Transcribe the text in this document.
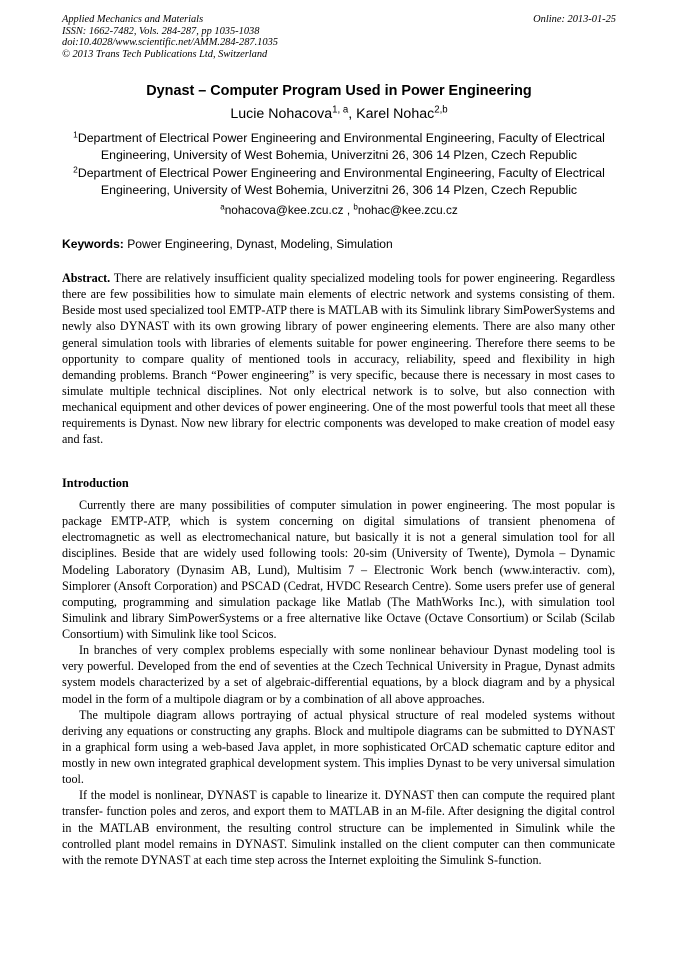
Applied Mechanics and Materials
ISSN: 1662-7482, Vols. 284-287, pp 1035-1038
doi:10.4028/www.scientific.net/AMM.284-287.1035
© 2013 Trans Tech Publications Ltd, Switzerland
Online: 2013-01-25
Dynast – Computer Program Used in Power Engineering
Lucie Nohacova$^{1, a}$, Karel Nohac$^{2,b}$
$^1$Department of Electrical Power Engineering and Environmental Engineering, Faculty of Electrical Engineering, University of West Bohemia, Univerzitni 26, 306 14 Plzen, Czech Republic
$^2$Department of Electrical Power Engineering and Environmental Engineering, Faculty of Electrical Engineering, University of West Bohemia, Univerzitni 26, 306 14 Plzen, Czech Republic
$^a$nohacova@kee.zcu.cz , $^b$nohac@kee.zcu.cz
Keywords: Power Engineering, Dynast, Modeling, Simulation
Abstract. There are relatively insufficient quality specialized modeling tools for power engineering. Regardless there are few possibilities how to simulate main elements of electric network and systems consisting of them. Beside most used specialized tool EMTP-ATP there is MATLAB with its Simulink library SimPowerSystems and newly also DYNAST with its own growing library of power engineering elements. There are also many other general simulation tools with libraries of elements suitable for power engineering. Therefore there seems to be opportunity to compare quality of mentioned tools in accuracy, reliability, speed and flexibility in high demanding problems. Branch “Power engineering” is very specific, because there is necessary in most cases to simulate multiple technical disciplines. Not only electrical network is to solve, but also connection with mechanical equipment and other devices of power engineering. One of the most powerful tools that meet all these requirements is Dynast. Now new library for electric components was developed to make creation of model easy and fast.
Introduction

Currently there are many possibilities of computer simulation in power engineering. The most popular is package EMTP-ATP, which is system concerning on digital simulations of transient phenomena of electromagnetic as well as electromechanical nature, but basically it is not a general simulation tool for all disciplines. Beside that are widely used following tools: 20-sim (University of Twente), Dymola – Dynamic Modeling Laboratory (Dynasim AB, Lund), Multisim 7 – Electronic Work bench (www.interactiv. com), Simplorer (Ansoft Corporation) and PSCAD (Cedrat, HVDC Research Centre). Some users prefer use of general computing, programming and simulation package like Matlab (The MathWorks Inc.), with simulation tool Simulink and library SimPowerSystems or a free alternative like Octave (Octave Consortium) or Scilab (Scilab Consortium) with Simulink like tool Scicos.

In branches of very complex problems especially with some nonlinear behaviour Dynast modeling tool is very powerful. Developed from the end of seventies at the Czech Technical University in Prague, Dynast admits system models characterized by a set of algebraic-differential equations, by a block diagram and by a physical model in the form of a multipole diagram or by a combination of all above approaches.

The multipole diagram allows portraying of actual physical structure of real modeled systems without deriving any equations or constructing any graphs. Block and multipole diagrams can be submitted to DYNAST in a graphical form using a web-based Java applet, in more sophisticated OrCAD schematic capture editor and mostly in new own integrated graphical development system. This implies Dynast to be very universal simulation tool.

If the model is nonlinear, DYNAST is capable to linearize it. DYNAST then can compute the required plant transfer- function poles and zeros, and export them to MATLAB in an M-file. After designing the digital control in the MATLAB environment, the resulting control structure can be implemented in Simulink while the controlled plant model remains in DYNAST. Simulink installed on the client computer can then communicate with the remote DYNAST at each time step across the Internet exploiting the Simulink S-function.
